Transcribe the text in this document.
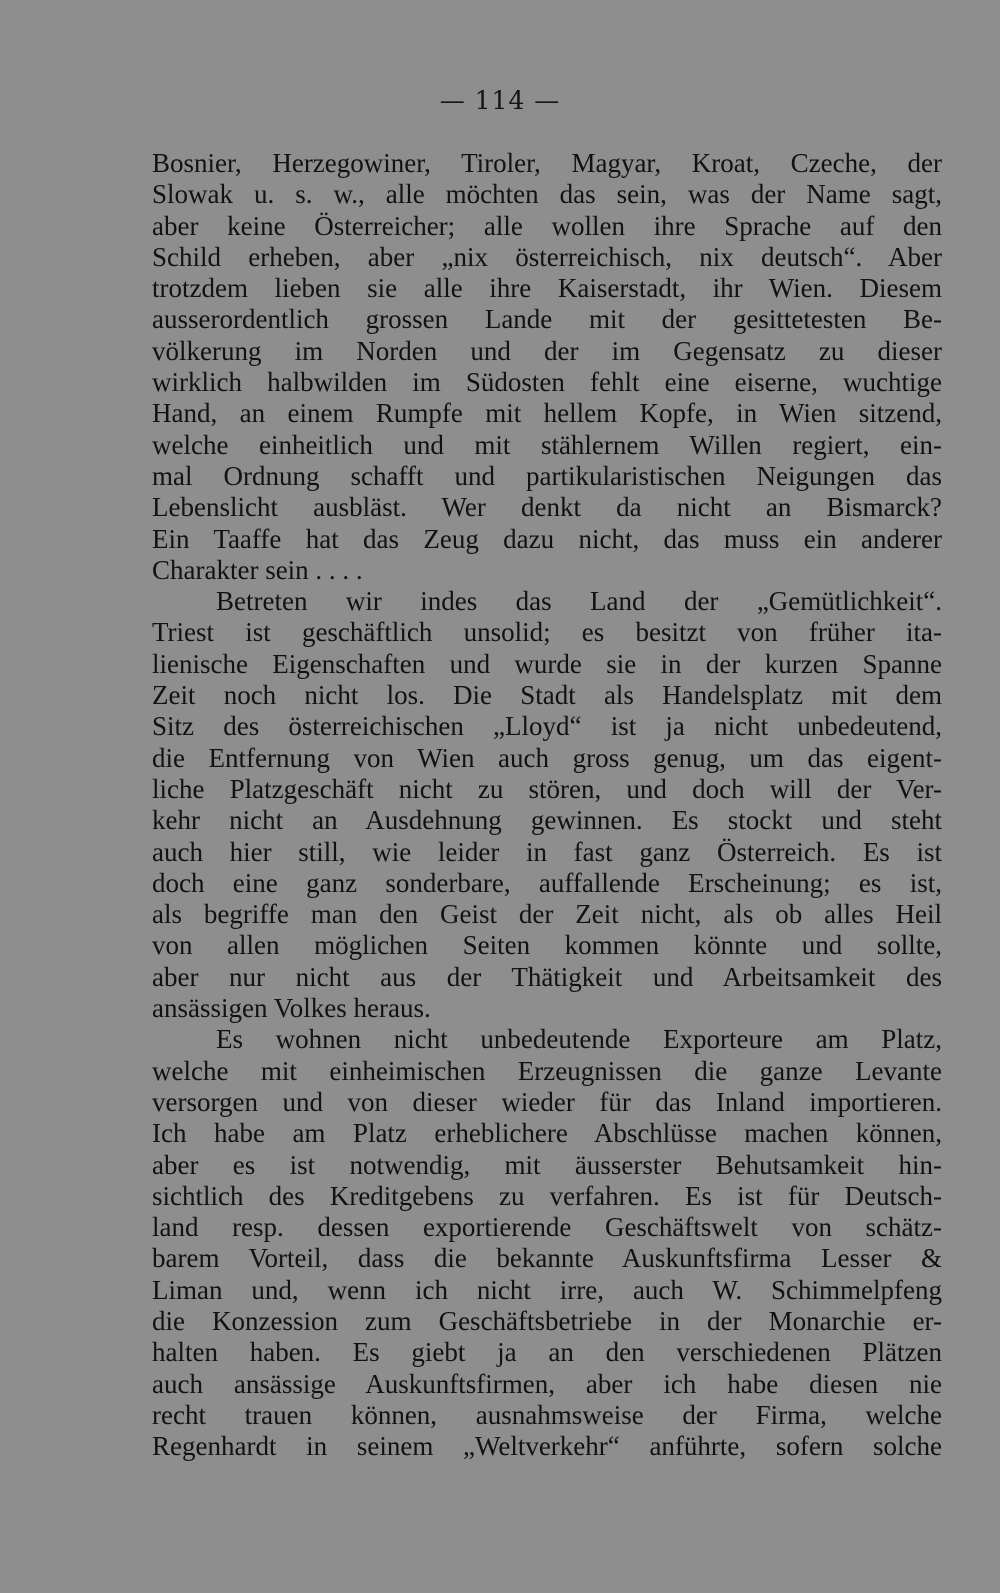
— 114 —
Bosnier, Herzegowiner, Tiroler, Magyar, Kroat, Czeche, der
Slowak u. s. w., alle möchten das sein, was der Name sagt,
aber keine Österreicher; alle wollen ihre Sprache auf den
Schild erheben, aber „nix österreichisch, nix deutsch“. Aber
trotzdem lieben sie alle ihre Kaiserstadt, ihr Wien. Diesem
ausserordentlich grossen Lande mit der gesittetesten Be-
völkerung im Norden und der im Gegensatz zu dieser
wirklich halbwilden im Südosten fehlt eine eiserne, wuchtige
Hand, an einem Rumpfe mit hellem Kopfe, in Wien sitzend,
welche einheitlich und mit stählernem Willen regiert, ein-
mal Ordnung schafft und partikularistischen Neigungen das
Lebenslicht ausbläst. Wer denkt da nicht an Bismarck?
Ein Taaffe hat das Zeug dazu nicht, das muss ein anderer
Charakter sein . . . .
Betreten wir indes das Land der „Gemütlichkeit“.
Triest ist geschäftlich unsolid; es besitzt von früher ita-
lienische Eigenschaften und wurde sie in der kurzen Spanne
Zeit noch nicht los. Die Stadt als Handelsplatz mit dem
Sitz des österreichischen „Lloyd“ ist ja nicht unbedeutend,
die Entfernung von Wien auch gross genug, um das eigent-
liche Platzgeschäft nicht zu stören, und doch will der Ver-
kehr nicht an Ausdehnung gewinnen. Es stockt und steht
auch hier still, wie leider in fast ganz Österreich. Es ist
doch eine ganz sonderbare, auffallende Erscheinung; es ist,
als begriffe man den Geist der Zeit nicht, als ob alles Heil
von allen möglichen Seiten kommen könnte und sollte,
aber nur nicht aus der Thätigkeit und Arbeitsamkeit des
ansässigen Volkes heraus.
Es wohnen nicht unbedeutende Exporteure am Platz,
welche mit einheimischen Erzeugnissen die ganze Levante
versorgen und von dieser wieder für das Inland importieren.
Ich habe am Platz erheblichere Abschlüsse machen können,
aber es ist notwendig, mit äusserster Behutsamkeit hin-
sichtlich des Kreditgebens zu verfahren. Es ist für Deutsch-
land resp. dessen exportierende Geschäftswelt von schätz-
barem Vorteil, dass die bekannte Auskunftsfirma Lesser &
Liman und, wenn ich nicht irre, auch W. Schimmelpfeng
die Konzession zum Geschäftsbetriebe in der Monarchie er-
halten haben. Es giebt ja an den verschiedenen Plätzen
auch ansässige Auskunftsfirmen, aber ich habe diesen nie
recht trauen können, ausnahmsweise der Firma, welche
Regenhardt in seinem „Weltverkehr“ anführte, sofern solche
